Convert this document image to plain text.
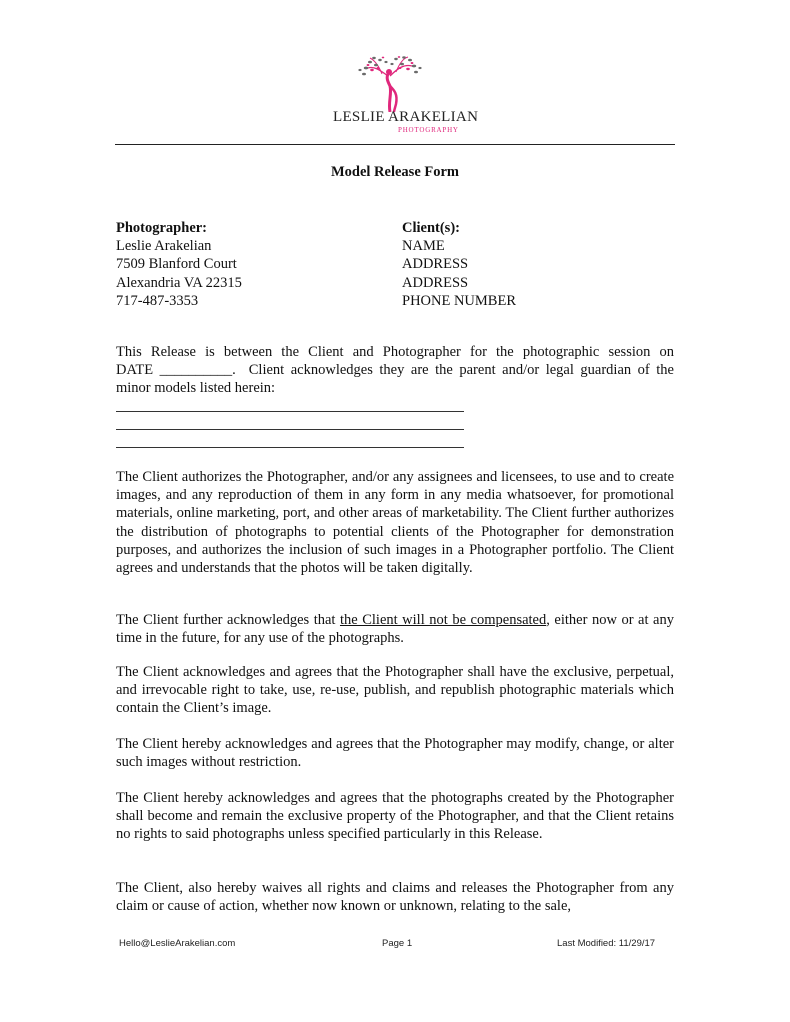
LESLIE ARAKELIAN
PHOTOGRAPHY
Model Release Form
Photographer:
Leslie Arakelian
7509 Blanford Court
Alexandria VA 22315
717-487-3353
Client(s):
NAME
ADDRESS
ADDRESS
PHONE NUMBER

This Release is between the Client and Photographer for the photographic session on

DATE __________.  Client acknowledges they are the parent and/or legal guardian of the

minor models listed herein:

The Client authorizes the Photographer, and/or any assignees and licensees, to use and to create images, and any reproduction of them in any form in any media whatsoever, for promotional materials, online marketing, port, and other areas of marketability. The Client further authorizes the distribution of photographs to potential clients of the Photographer for demonstration purposes, and authorizes the inclusion of such images in a Photographer portfolio. The Client agrees and understands that the photos will be taken digitally.

The Client further acknowledges that the Client will not be compensated, either now or at any time in the future, for any use of the photographs.

The Client acknowledges and agrees that the Photographer shall have the exclusive, perpetual, and irrevocable right to take, use, re-use, publish, and republish photographic materials which contain the Client’s image.

The Client hereby acknowledges and agrees that the Photographer may modify, change, or alter such images without restriction.

The Client hereby acknowledges and agrees that the photographs created by the Photographer shall become and remain the exclusive property of the Photographer, and that the Client retains no rights to said photographs unless specified particularly in this Release.

The Client, also hereby waives all rights and claims and releases the Photographer from any claim or cause of action, whether now known or unknown, relating to the sale,

Hello@LeslieArakelian.com	Page 1	Last Modified: 11/29/17
